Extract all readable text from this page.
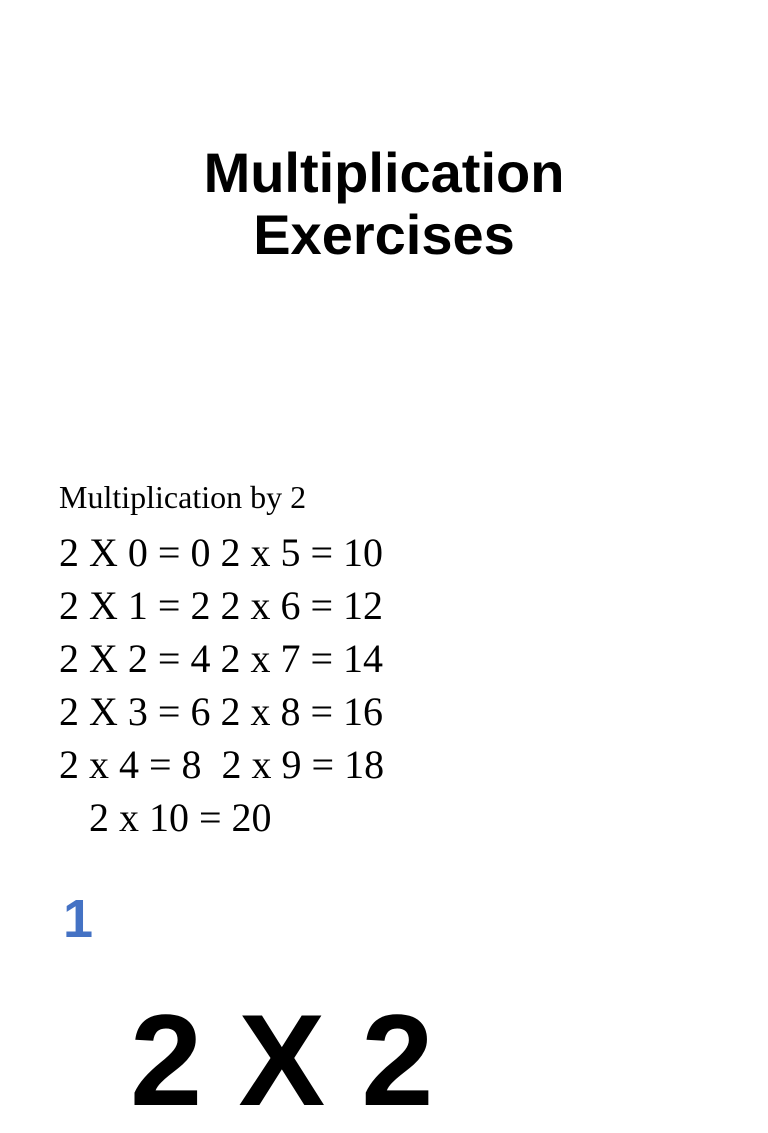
Multiplication
Exercises

Multiplication by 2

2 X 0 = 0 2 x 5 = 10
2 X 1 = 2 2 x 6 = 12
2 X 2 = 4 2 x 7 = 14
2 X 3 = 6 2 x 8 = 16
2 x 4 = 8  2 x 9 = 18
2 x 10 = 20

1

2 X 2
